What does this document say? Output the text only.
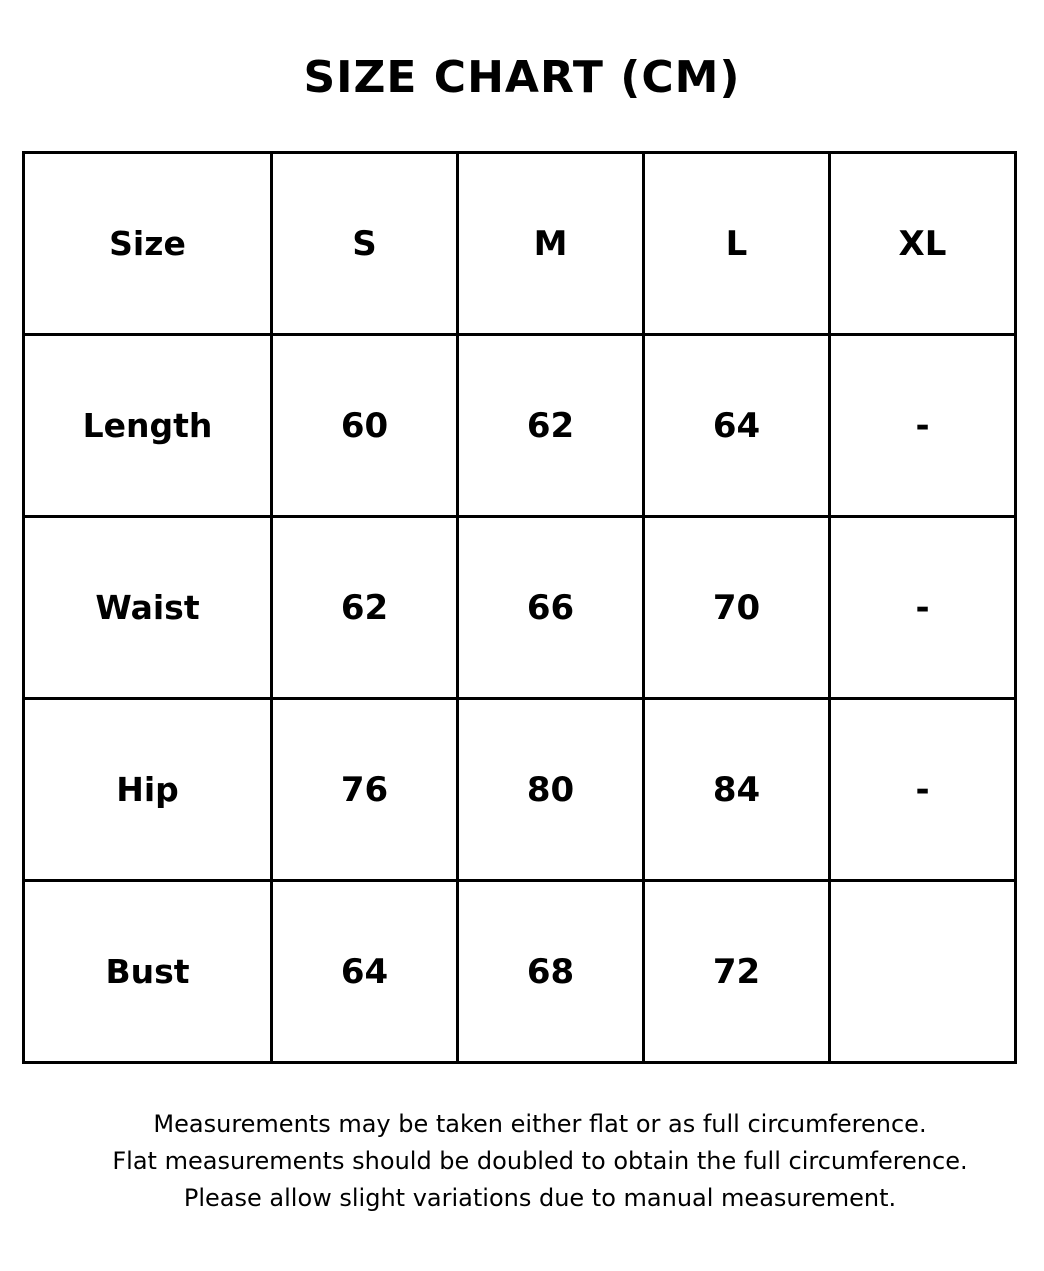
SIZE CHART (CM)
Size	S	M	L	XL
Length	60	62	64	-
Waist	62	66	70	-
Hip	76	80	84	-
Bust	64	68	72	
Measurements may be taken either flat or as full circumference.
Flat measurements should be doubled to obtain the full circumference.
Please allow slight variations due to manual measurement.
